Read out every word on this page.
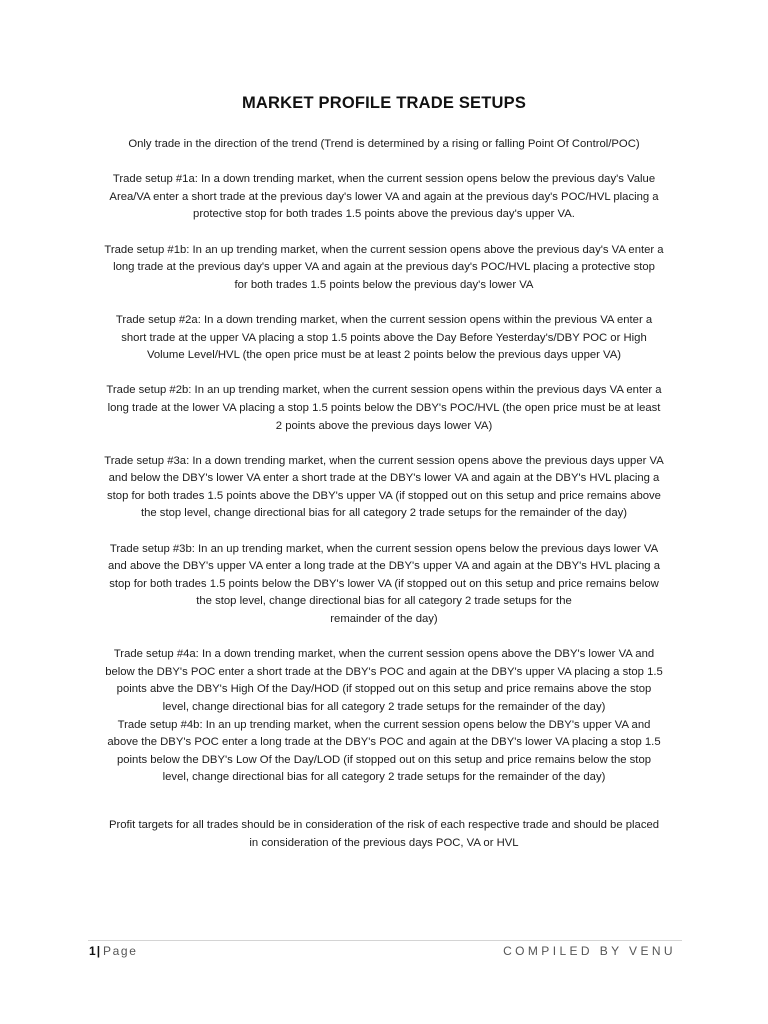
MARKET PROFILE TRADE SETUPS

Only trade in the direction of the trend (Trend is determined by a rising or falling Point Of Control/POC)

Trade setup #1a: In a down trending market, when the current session opens below the previous day's Value

Area/VA enter a short trade at the previous day's lower VA and again at the previous day's POC/HVL placing a

protective stop for both trades 1.5 points above the previous day's upper VA.

Trade setup #1b: In an up trending market, when the current session opens above the previous day's VA enter a

long trade at the previous day's upper VA and again at the previous day's POC/HVL placing a protective stop

for both trades 1.5 points below the previous day's lower VA

Trade setup #2a: In a down trending market, when the current session opens within the previous VA enter a

short trade at the upper VA placing a stop 1.5 points above the Day Before Yesterday's/DBY POC or High

Volume Level/HVL (the open price must be at least 2 points below the previous days upper VA)

Trade setup #2b: In an up trending market, when the current session opens within the previous days VA enter a

long trade at the lower VA placing a stop 1.5 points below the DBY's POC/HVL (the open price must be at least

2 points above the previous days lower VA)

Trade setup #3a: In a down trending market, when the current session opens above the previous days upper VA

and below the DBY's lower VA enter a short trade at the DBY's lower VA and again at the DBY's HVL placing a

stop for both trades 1.5 points above the DBY's upper VA (if stopped out on this setup and price remains above

the stop level, change directional bias for all category 2 trade setups for the remainder of the day)

Trade setup #3b: In an up trending market, when the current session opens below the previous days lower VA

and above the DBY's upper VA enter a long trade at the DBY's upper VA and again at the DBY's HVL placing a

stop for both trades 1.5 points below the DBY's lower VA (if stopped out on this setup and price remains below

the stop level, change directional bias for all category 2 trade setups for the

remainder of the day)

Trade setup #4a: In a down trending market, when the current session opens above the DBY's lower VA and

below the DBY's POC enter a short trade at the DBY's POC and again at the DBY's upper VA placing a stop 1.5

points abve the DBY's High Of the Day/HOD (if stopped out on this setup and price remains above the stop

level, change directional bias for all category 2 trade setups for the remainder of the day)

Trade setup #4b: In an up trending market, when the current session opens below the DBY's upper VA and

above the DBY's POC enter a long trade at the DBY's POC and again at the DBY's lower VA placing a stop 1.5

points below the DBY's Low Of the Day/LOD (if stopped out on this setup and price remains below the stop

level, change directional bias for all category 2 trade setups for the remainder of the day)

Profit targets for all trades should be in consideration of the risk of each respective trade and should be placed

in consideration of the previous days POC, VA or HVL

1| Page	COMPILED BY VENU
